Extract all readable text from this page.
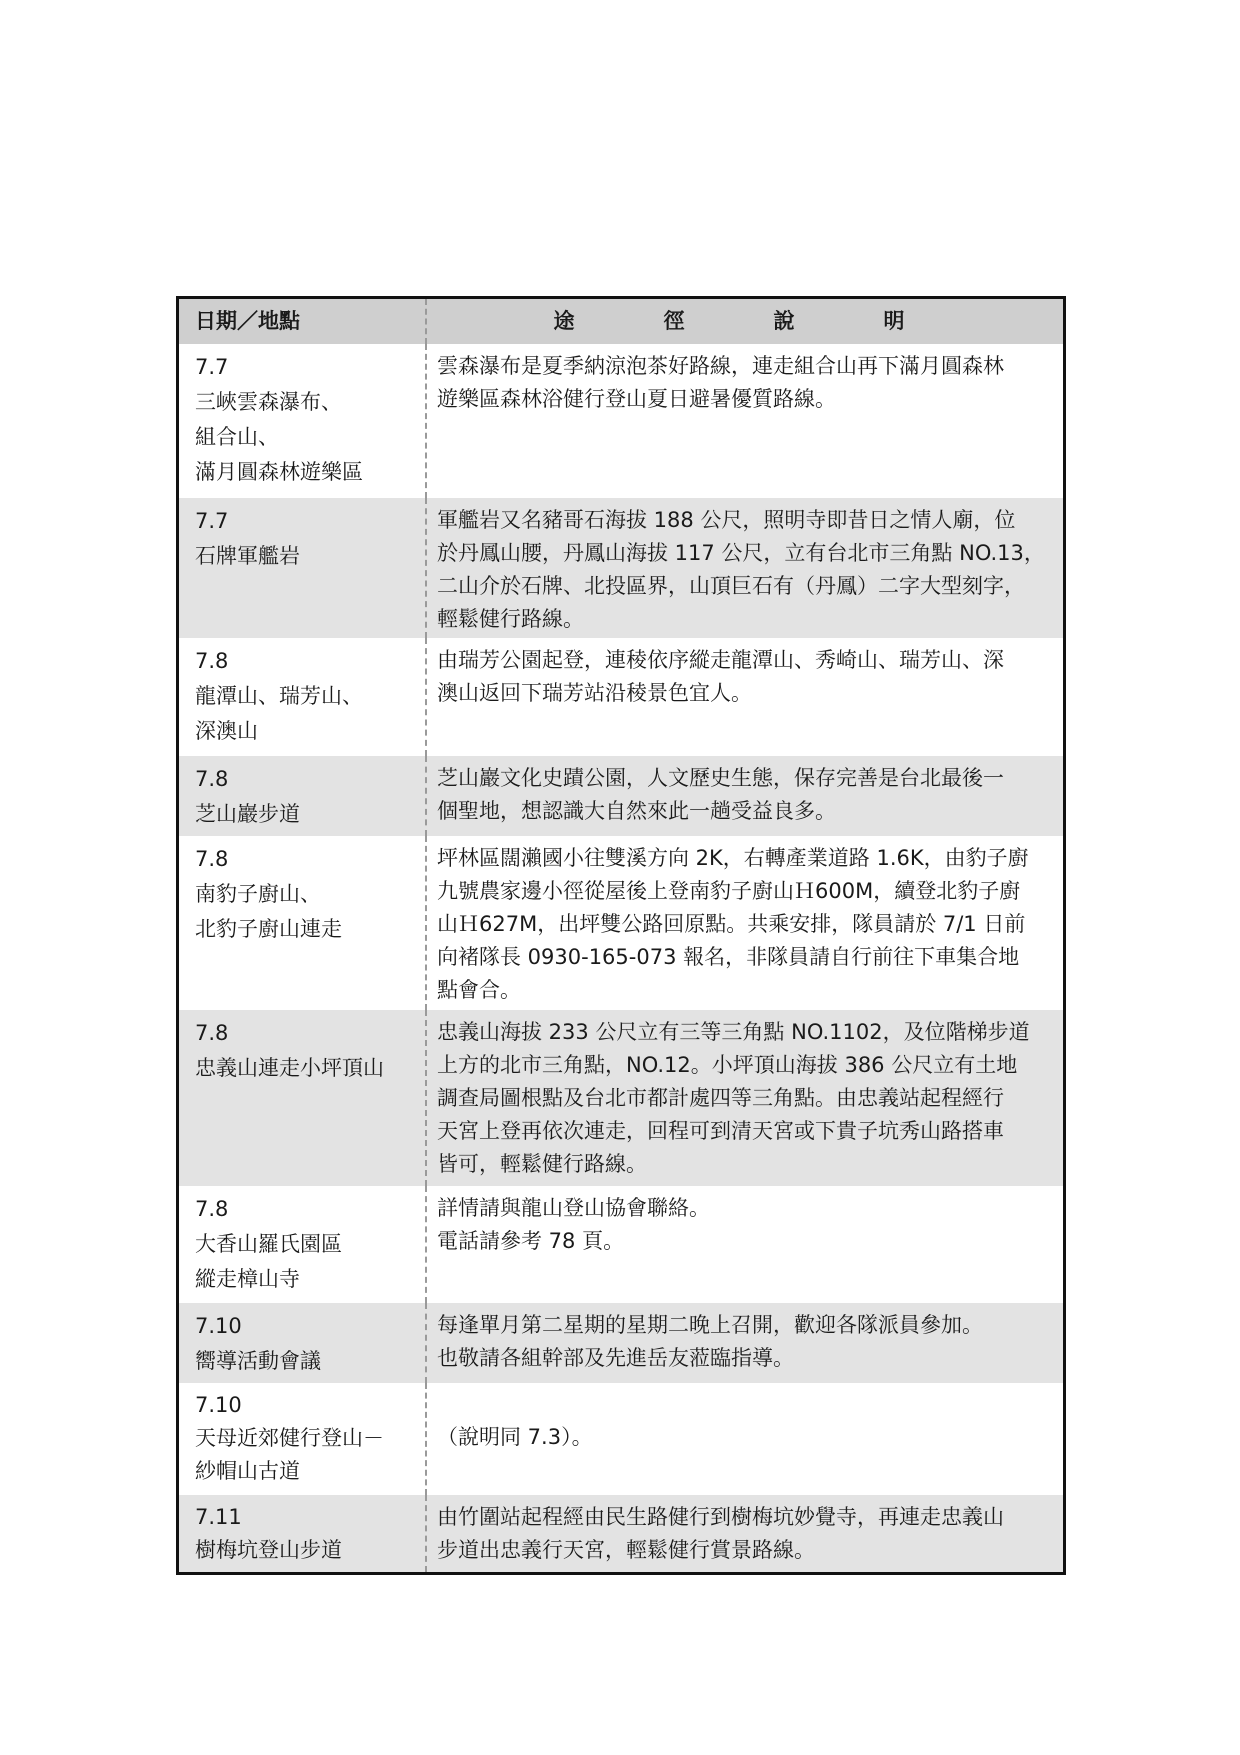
日期／地點	途　徑　說　明
7.7
三峽雲森瀑布、
組合山、
滿月圓森林遊樂區
雲森瀑布是夏季納涼泡茶好路線，連走組合山再下滿月圓森林
遊樂區森林浴健行登山夏日避暑優質路線。
7.7
石牌軍艦岩
軍艦岩又名豬哥石海拔 188 公尺，照明寺即昔日之情人廟，位
於丹鳳山腰，丹鳳山海拔 117 公尺，立有台北市三角點 NO.13，
二山介於石牌、北投區界，山頂巨石有（丹鳳）二字大型刻字，
輕鬆健行路線。
7.8
龍潭山、瑞芳山、
深澳山
由瑞芳公園起登，連稜依序縱走龍潭山、秀崎山、瑞芳山、深
澳山返回下瑞芳站沿稜景色宜人。
7.8
芝山巖步道
芝山巖文化史蹟公園，人文歷史生態，保存完善是台北最後一
個聖地，想認識大自然來此一趟受益良多。
7.8
南豹子廚山、
北豹子廚山連走
坪林區闊瀨國小往雙溪方向 2K，右轉產業道路 1.6K，由豹子廚
九號農家邊小徑從屋後上登南豹子廚山Ｈ600M，續登北豹子廚
山Ｈ627M，出坪雙公路回原點。共乘安排，隊員請於 7/1 日前
向褚隊長 0930-165-073 報名，非隊員請自行前往下車集合地
點會合。
7.8
忠義山連走小坪頂山
忠義山海拔 233 公尺立有三等三角點 NO.1102，及位階梯步道
上方的北市三角點，NO.12。小坪頂山海拔 386 公尺立有土地
調查局圖根點及台北市都計處四等三角點。由忠義站起程經行
天宮上登再依次連走，回程可到清天宮或下貴子坑秀山路搭車
皆可，輕鬆健行路線。
7.8
大香山羅氏園區
縱走樟山寺
詳情請與龍山登山協會聯絡。
電話請參考 78 頁。
7.10
嚮導活動會議
每逢單月第二星期的星期二晚上召開，歡迎各隊派員參加。
也敬請各組幹部及先進岳友蒞臨指導。
7.10
天母近郊健行登山－
紗帽山古道
（說明同 7.3）。
7.11
樹梅坑登山步道
由竹圍站起程經由民生路健行到樹梅坑妙覺寺，再連走忠義山
步道出忠義行天宮，輕鬆健行賞景路線。
